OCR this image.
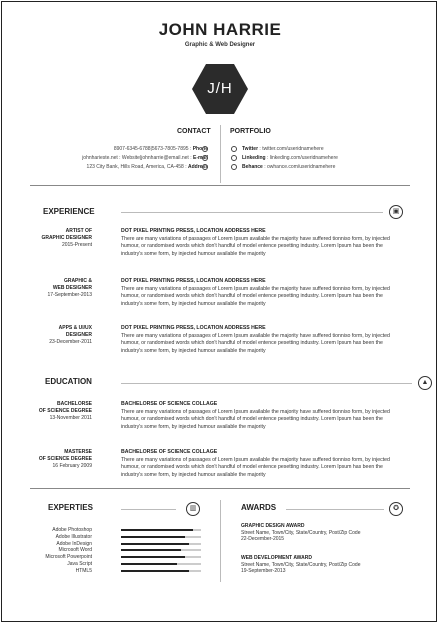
JOHN HARRIE
Graphic & Web Designer
J/H
CONTACT	PORTFOLIO
8907-6345-6788|5673-7805-7895 : Phone
johnharieste.net : Website|johnharrie@email.net : E-mail
123 City Bank, Hills Road, America, CA-458 : Address
Twitter : twitter.com/useridnamehere
Linkeding : linkeding.com/useridnamehere
Behance : owhance.com/useridnamehere
EXPERIENCE	▣
ARTIST OF
GRAPHIC DESIGNER
2015-Present
DOT PIXEL PRINTING PRESS, LOCATION ADDRESS HERE
There are many variations of passages of Lorem Ipsum available the majority have suffered tionniso form, by injected humour, or randomised words which don't handful of model entence pesetting industry. Lorem Ipsum has been the industry's some form, by injected humour available the majority
GRAPHIC &
WEB DESIGNER
17-September-2013
DOT PIXEL PRINTING PRESS, LOCATION ADDRESS HERE
There are many variations of passages of Lorem Ipsum available the majority have suffered tionniso form, by injected humour, or randomised words which don't handful of model entence pesetting industry. Lorem Ipsum has been the industry's some form, by injected humour available the majority
APPS & UI/UX
DESIGNER
23-December-2011
DOT PIXEL PRINTING PRESS, LOCATION ADDRESS HERE
There are many variations of passages of Lorem Ipsum available the majority have suffered tionniso form, by injected humour, or randomised words which don't handful of model entence pesetting industry. Lorem Ipsum has been the industry's some form, by injected humour available the majority
EDUCATION	▲
BACHELORSE
OF SCIENCE DEGREE
13-November 2011
BACHELORSE OF SCIENCE COLLAGE
There are many variations of passages of Lorem Ipsum available the majority have suffered tionniso form, by injected humour, or randomised words which don't handful of model entence pesetting industry. Lorem Ipsum has been the industry's some form, by injected humour available the majority
MASTERSE
OF SCIENCE DEGREE
16 February 2009
BACHELORSE OF SCIENCE COLLAGE
There are many variations of passages of Lorem Ipsum available the majority have suffered tionniso form, by injected humour, or randomised words which don't handful of model entence pesetting industry. Lorem Ipsum has been the industry's some form, by injected humour available the majority
EXPERTIES	▥
Adobe Photoshop
Adobe Illustrator
Adobe InDesign
Microsoft Word
Microsoft Powerpoint
Java Script
HTML5
AWARDS	✪
GRAPHIC DESIGN AWARD
Street Name, Town/City, State/Country, Post/Zip Code
22-December-2015
WEB DEVELOPMENT AWARD
Street Name, Town/City, State/Country, Post/Zip Code
19-September-2013
